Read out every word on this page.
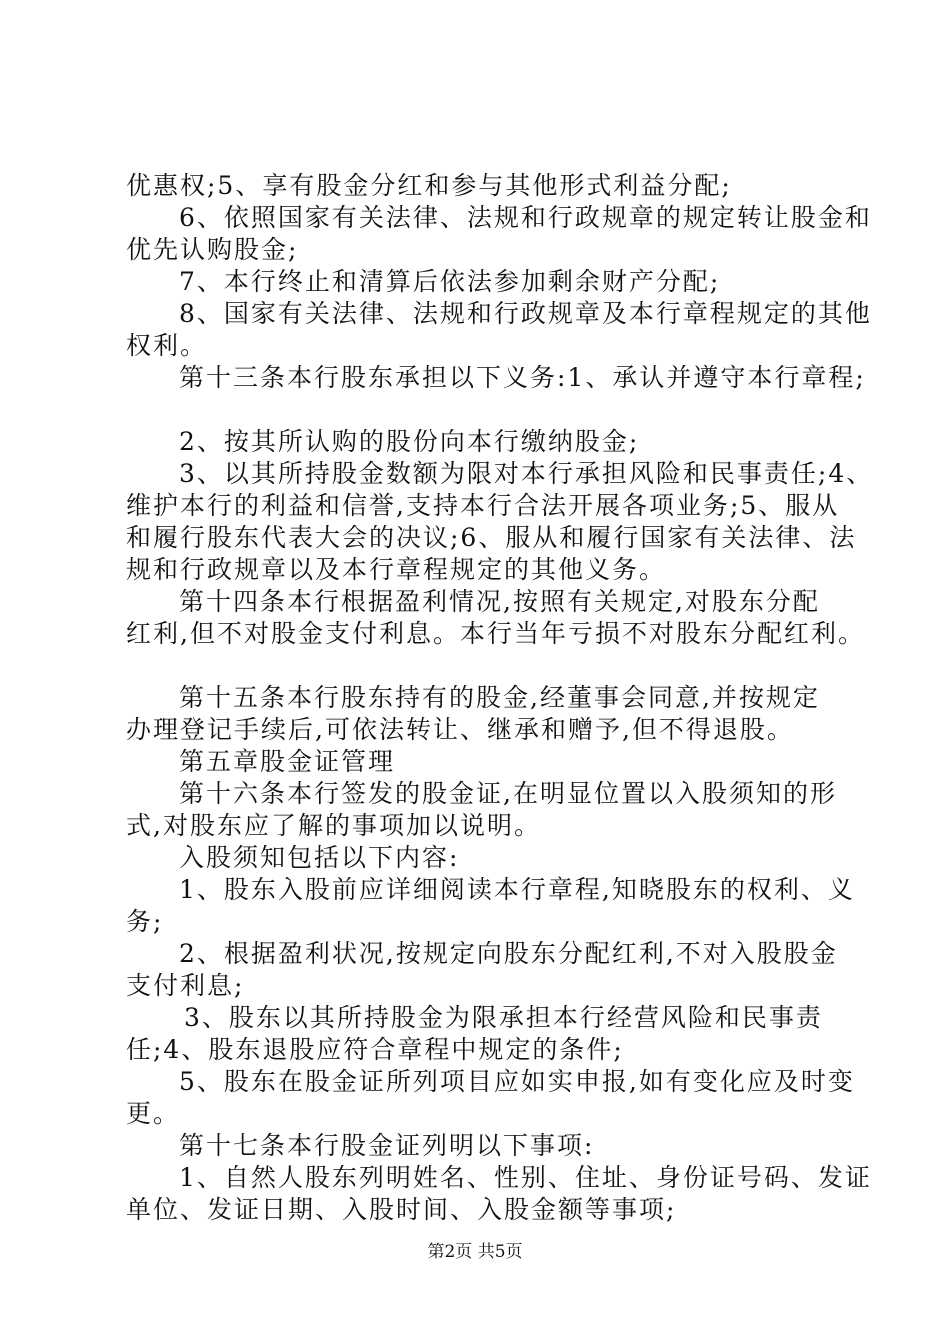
优惠权;5、享有股金分红和参与其他形式利益分配;
6、依照国家有关法律、法规和行政规章的规定转让股金和
优先认购股金;
7、本行终止和清算后依法参加剩余财产分配;
8、国家有关法律、法规和行政规章及本行章程规定的其他
权利。
第十三条本行股东承担以下义务:1、承认并遵守本行章程;
2、按其所认购的股份向本行缴纳股金;
3、以其所持股金数额为限对本行承担风险和民事责任;4、
维护本行的利益和信誉,支持本行合法开展各项业务;5、服从
和履行股东代表大会的决议;6、服从和履行国家有关法律、法
规和行政规章以及本行章程规定的其他义务。
第十四条本行根据盈利情况,按照有关规定,对股东分配
红利,但不对股金支付利息。本行当年亏损不对股东分配红利。
第十五条本行股东持有的股金,经董事会同意,并按规定
办理登记手续后,可依法转让、继承和赠予,但不得退股。
第五章股金证管理
第十六条本行签发的股金证,在明显位置以入股须知的形
式,对股东应了解的事项加以说明。
入股须知包括以下内容:
1、股东入股前应详细阅读本行章程,知晓股东的权利、义
务;
2、根据盈利状况,按规定向股东分配红利,不对入股股金
支付利息;
3、股东以其所持股金为限承担本行经营风险和民事责
任;4、股东退股应符合章程中规定的条件;
5、股东在股金证所列项目应如实申报,如有变化应及时变
更。
第十七条本行股金证列明以下事项:
1、自然人股东列明姓名、性别、住址、身份证号码、发证
单位、发证日期、入股时间、入股金额等事项;
第2页 共5页
